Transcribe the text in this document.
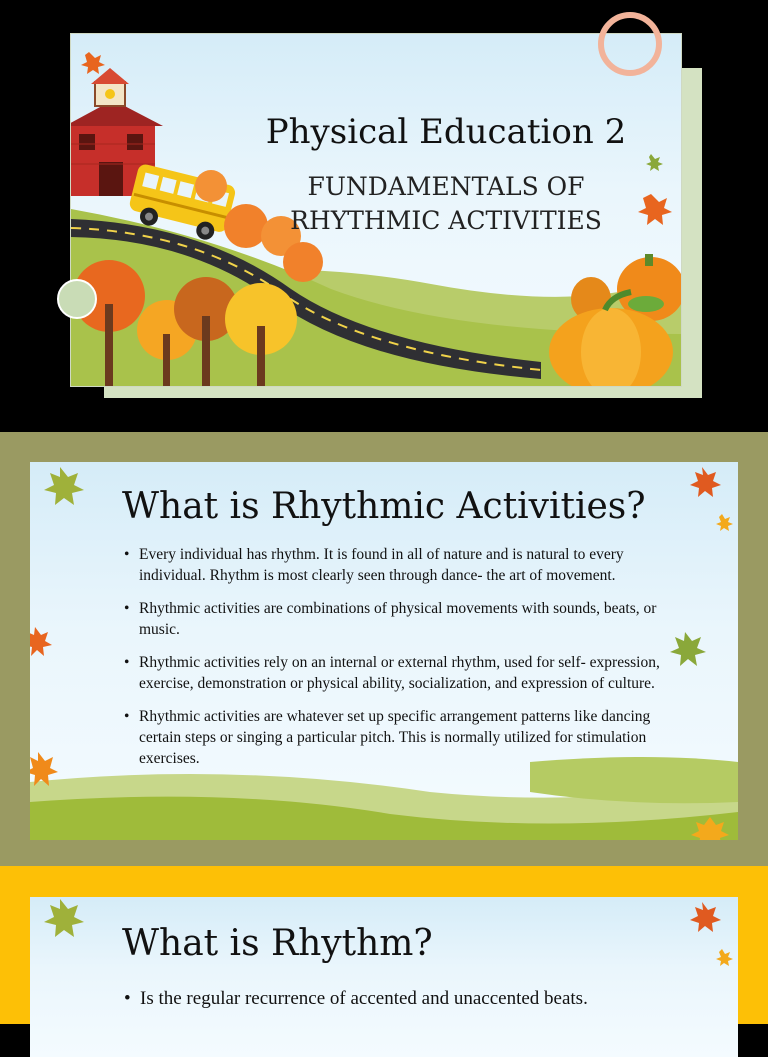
Physical Education 2
FUNDAMENTALS OF
RHYTHMIC ACTIVITIES
What is Rhythmic Activities?
• Every individual has rhythm. It is found in all of nature and is natural to every individual. Rhythm is most clearly seen through dance- the art of movement.
• Rhythmic activities are combinations of physical movements with sounds, beats, or music.
• Rhythmic activities rely on an internal or external rhythm, used for self- expression, exercise, demonstration or physical ability, socialization, and expression of culture.
• Rhythmic activities are whatever set up specific arrangement patterns like dancing certain steps or singing a particular pitch. This is normally utilized for stimulation exercises.
What is Rhythm?
• Is the regular recurrence of accented and unaccented beats.
